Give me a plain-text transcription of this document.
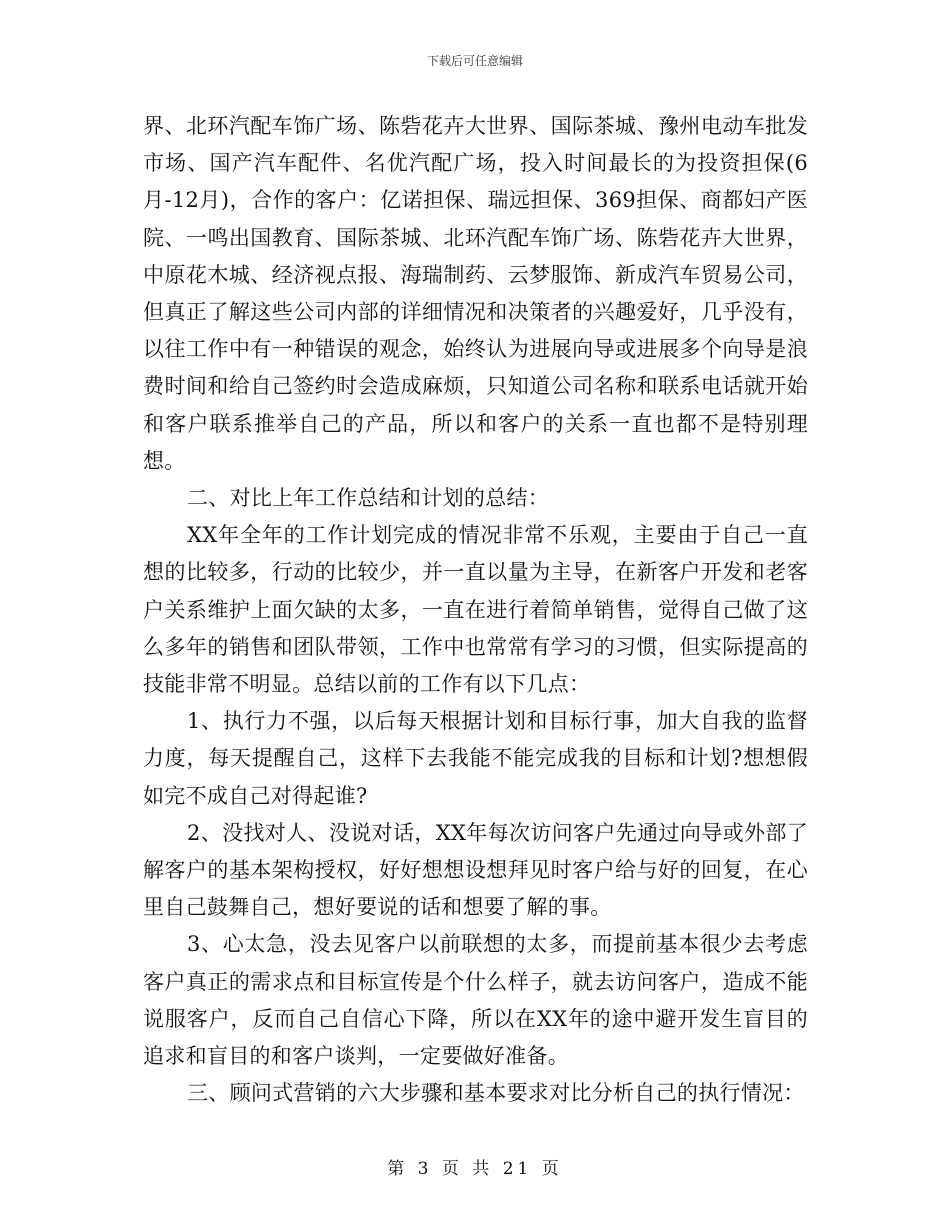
下载后可任意编辑

界、北环汽配车饰广场、陈砦花卉大世界、国际茶城、豫州电动车批发市场、国产汽车配件、名优汽配广场，投入时间最长的为投资担保(6月-12月)，合作的客户：亿诺担保、瑞远担保、369担保、商都妇产医院、一鸣出国教育、国际茶城、北环汽配车饰广场、陈砦花卉大世界，中原花木城、经济视点报、海瑞制药、云梦服饰、新成汽车贸易公司，但真正了解这些公司内部的详细情况和决策者的兴趣爱好，几乎没有，以往工作中有一种错误的观念，始终认为进展向导或进展多个向导是浪费时间和给自己签约时会造成麻烦，只知道公司名称和联系电话就开始和客户联系推举自己的产品，所以和客户的关系一直也都不是特别理想。

二、对比上年工作总结和计划的总结：

XX年全年的工作计划完成的情况非常不乐观，主要由于自己一直想的比较多，行动的比较少，并一直以量为主导，在新客户开发和老客户关系维护上面欠缺的太多，一直在进行着简单销售，觉得自己做了这么多年的销售和团队带领，工作中也常常有学习的习惯，但实际提高的技能非常不明显。总结以前的工作有以下几点：

1、执行力不强，以后每天根据计划和目标行事，加大自我的监督力度，每天提醒自己，这样下去我能不能完成我的目标和计划?想想假如完不成自己对得起谁?

2、没找对人、没说对话，XX年每次访问客户先通过向导或外部了解客户的基本架构授权，好好想想设想拜见时客户给与好的回复，在心里自己鼓舞自己，想好要说的话和想要了解的事。

3、心太急，没去见客户以前联想的太多，而提前基本很少去考虑客户真正的需求点和目标宣传是个什么样子，就去访问客户，造成不能说服客户，反而自己自信心下降，所以在XX年的途中避开发生盲目的追求和盲目的和客户谈判，一定要做好准备。

三、顾问式营销的六大步骤和基本要求对比分析自己的执行情况：

第 3 页 共 21 页
